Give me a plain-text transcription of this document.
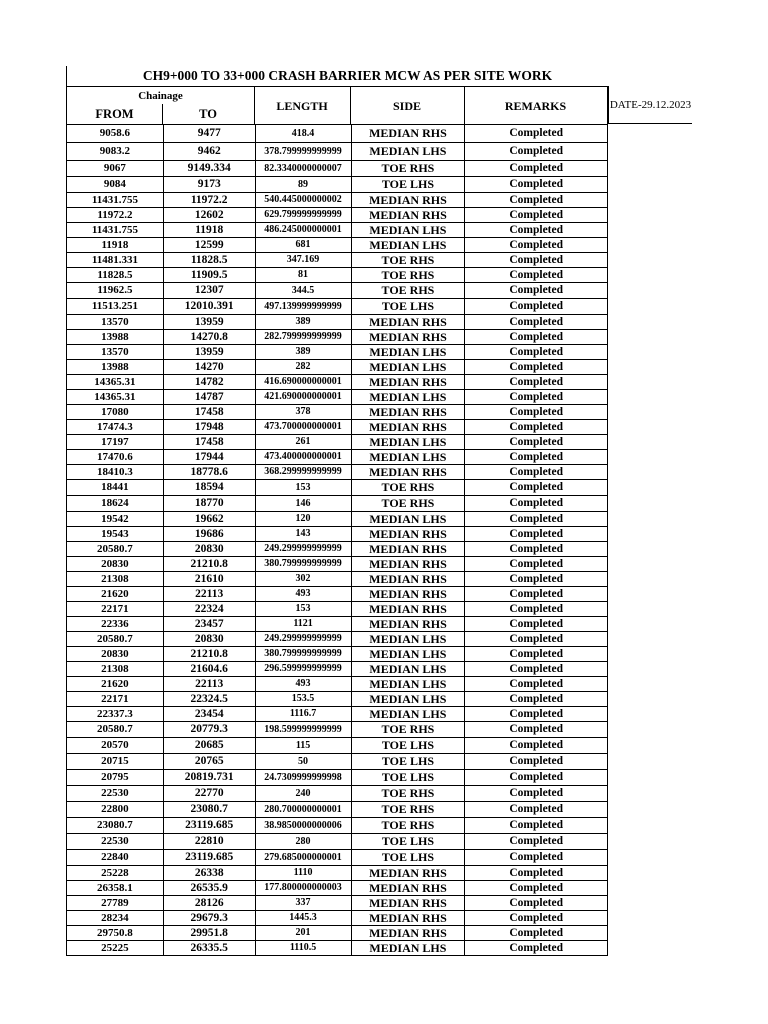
CH9+000 TO 33+000 CRASH BARRIER MCW AS PER SITE WORK
Chainage
FROM	TO
LENGTH	SIDE	REMARKS
9058.6	9477	418.4	MEDIAN RHS	Completed
9083.2	9462	378.799999999999	MEDIAN LHS	Completed
9067	9149.334	82.3340000000007	TOE RHS	Completed
9084	9173	89	TOE LHS	Completed
11431.755	11972.2	540.445000000002	MEDIAN RHS	Completed
11972.2	12602	629.799999999999	MEDIAN RHS	Completed
11431.755	11918	486.245000000001	MEDIAN LHS	Completed
11918	12599	681	MEDIAN LHS	Completed
11481.331	11828.5	347.169	TOE RHS	Completed
11828.5	11909.5	81	TOE RHS	Completed
11962.5	12307	344.5	TOE RHS	Completed
11513.251	12010.391	497.139999999999	TOE LHS	Completed
13570	13959	389	MEDIAN RHS	Completed
13988	14270.8	282.799999999999	MEDIAN RHS	Completed
13570	13959	389	MEDIAN LHS	Completed
13988	14270	282	MEDIAN LHS	Completed
14365.31	14782	416.690000000001	MEDIAN RHS	Completed
14365.31	14787	421.690000000001	MEDIAN LHS	Completed
17080	17458	378	MEDIAN RHS	Completed
17474.3	17948	473.700000000001	MEDIAN RHS	Completed
17197	17458	261	MEDIAN LHS	Completed
17470.6	17944	473.400000000001	MEDIAN LHS	Completed
18410.3	18778.6	368.299999999999	MEDIAN RHS	Completed
18441	18594	153	TOE RHS	Completed
18624	18770	146	TOE RHS	Completed
19542	19662	120	MEDIAN LHS	Completed
19543	19686	143	MEDIAN RHS	Completed
20580.7	20830	249.299999999999	MEDIAN RHS	Completed
20830	21210.8	380.799999999999	MEDIAN RHS	Completed
21308	21610	302	MEDIAN RHS	Completed
21620	22113	493	MEDIAN RHS	Completed
22171	22324	153	MEDIAN RHS	Completed
22336	23457	1121	MEDIAN RHS	Completed
20580.7	20830	249.299999999999	MEDIAN LHS	Completed
20830	21210.8	380.799999999999	MEDIAN LHS	Completed
21308	21604.6	296.599999999999	MEDIAN LHS	Completed
21620	22113	493	MEDIAN LHS	Completed
22171	22324.5	153.5	MEDIAN LHS	Completed
22337.3	23454	1116.7	MEDIAN LHS	Completed
20580.7	20779.3	198.599999999999	TOE RHS	Completed
20570	20685	115	TOE LHS	Completed
20715	20765	50	TOE LHS	Completed
20795	20819.731	24.7309999999998	TOE LHS	Completed
22530	22770	240	TOE RHS	Completed
22800	23080.7	280.700000000001	TOE RHS	Completed
23080.7	23119.685	38.9850000000006	TOE RHS	Completed
22530	22810	280	TOE LHS	Completed
22840	23119.685	279.685000000001	TOE LHS	Completed
25228	26338	1110	MEDIAN RHS	Completed
26358.1	26535.9	177.800000000003	MEDIAN RHS	Completed
27789	28126	337	MEDIAN RHS	Completed
28234	29679.3	1445.3	MEDIAN RHS	Completed
29750.8	29951.8	201	MEDIAN RHS	Completed
25225	26335.5	1110.5	MEDIAN LHS	Completed
DATE-29.12.2023
